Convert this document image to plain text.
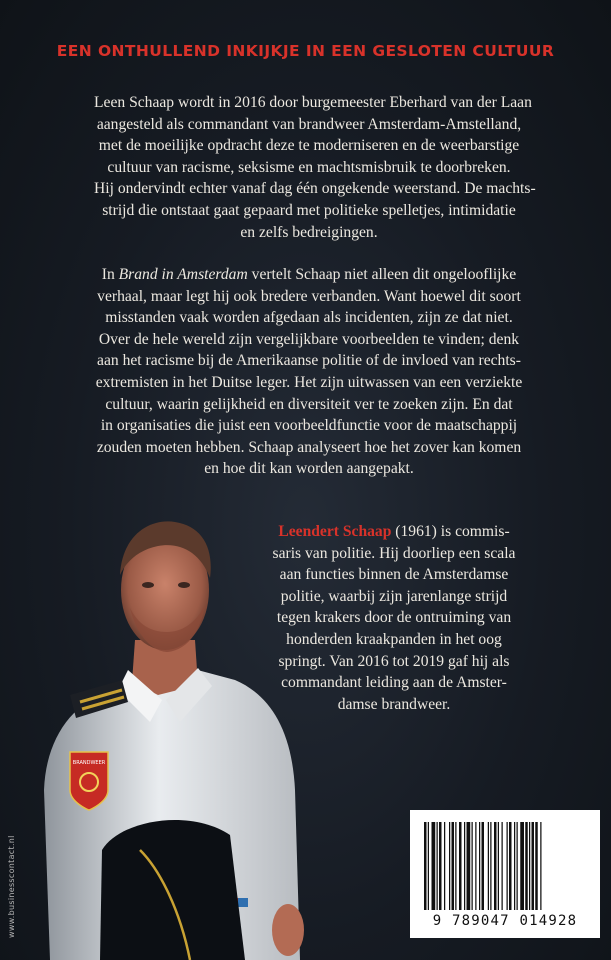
EEN ONTHULLEND INKIJKJE IN EEN GESLOTEN CULTUUR
Leen Schaap wordt in 2016 door burgemeester Eberhard van der Laan
aangesteld als commandant van brandweer Amsterdam-Amstelland,
met de moeilijke opdracht deze te moderniseren en de weerbarstige
cultuur van racisme, seksisme en machtsmisbruik te doorbreken.
Hij ondervindt echter vanaf dag één ongekende weerstand. De machts-
strijd die ontstaat gaat gepaard met politieke spelletjes, intimidatie
en zelfs bedreigingen.
In Brand in Amsterdam vertelt Schaap niet alleen dit ongelooflijke
verhaal, maar legt hij ook bredere verbanden. Want hoewel dit soort
misstanden vaak worden afgedaan als incidenten, zijn ze dat niet.
Over de hele wereld zijn vergelijkbare voorbeelden te vinden; denk
aan het racisme bij de Amerikaanse politie of de invloed van rechts-
extremisten in het Duitse leger. Het zijn uitwassen van een verziekte
cultuur, waarin gelijkheid en diversiteit ver te zoeken zijn. En dat
in organisaties die juist een voorbeeldfunctie voor de maatschappij
zouden moeten hebben. Schaap analyseert hoe het zover kan komen
en hoe dit kan worden aangepakt.
BRANDWEER
Leendert Schaap (1961) is commis-
saris van politie. Hij doorliep een scala
aan functies binnen de Amsterdamse
politie, waarbij zijn jarenlange strijd
tegen krakers door de ontruiming van
honderden kraakpanden in het oog
springt. Van 2016 tot 2019 gaf hij als
commandant leiding aan de Amster-
damse brandweer.
www.businesscontact.nl	9 789047 014928
